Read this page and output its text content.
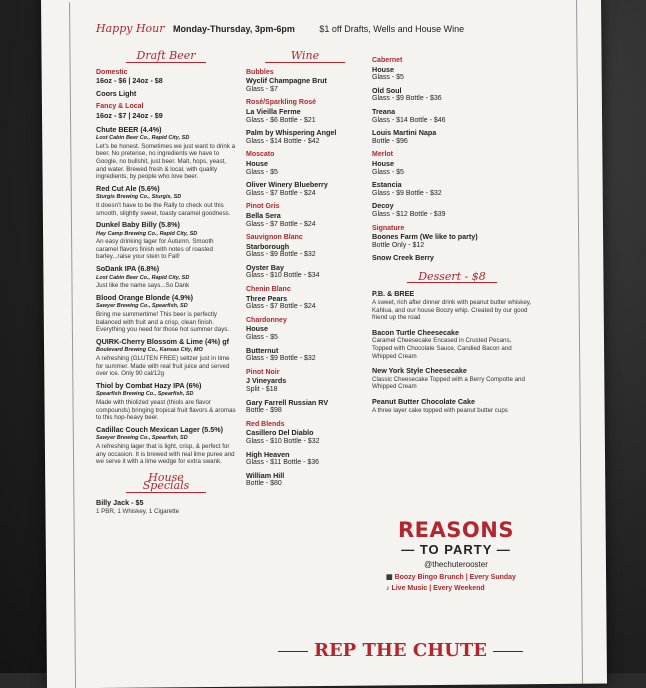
Happy Hour Monday-Thursday, 3pm-6pm	$1 off Drafts, Wells and House Wine
Draft Beer
Domestic
16oz - $6 | 24oz - $8
Coors Light
Fancy & Local
16oz - $7 | 24oz - $9
Chute BEER (4.4%)
Lost Cabin Beer Co., Rapid City, SD
Let's be honest. Sometimes we just want to drink a beer. No pretense, no ingredients we have to Google, no bullshit, just beer. Malt, hops, yeast, and water. Brewed fresh & local, with quality ingredients, by people who love beer.
Red Cut Ale (5.6%)
Sturgis Brewing Co., Sturgis, SD
It doesn't have to be the Rally to check out this smooth, slightly sweet, toasty caramel goodness.
Dunkel Baby Billy (5.8%)
Hay Camp Brewing Co., Rapid City, SD
An easy drinking lager for Autumn. Smooth caramel flavors finish with notes of roasted barley...raise your stein to Fall!
SoDank IPA (6.8%)
Lost Cabin Beer Co., Rapid City, SD
Just like the name says...So Dank
Blood Orange Blonde (4.9%)
Sawyer Brewing Co., Spearfish, SD
Bring me summertime! This beer is perfectly balanced with fruit and a crisp, clean finish. Everything you need for those hot summer days.
QUIRK-Cherry Blossom & Lime (4%) gf
Boulevard Brewing Co., Kansas City, MO
A refreshing (GLUTEN FREE) seltzer just in time for summer. Made with real fruit juice and served over ice. Only 90 cal/12g
Thiol by Combat Hazy IPA (6%)
Spearfish Brewing Co., Spearfish, SD
Made with thiolized yeast (thiols are flavor compounds) bringing tropical fruit flavors & aromas to this hop-heavy beer.
Cadillac Couch Mexican Lager (5.5%)
Sawyer Brewing Co., Spearfish, SD
A refreshing lager that is light, crisp, & perfect for any occasion. It is brewed with real lime puree and we serve it with a lime wedge for extra swank.
House Specials
Billy Jack - $5
1 PBR, 1 Whiskey, 1 Cigarette
Wine
Bubbles
Wyclif Champagne Brut
Glass - $7
Rosé/Sparkling Rosé
La Vieilla Ferme
Glass - $6 Bottle - $21
Palm by Whispering Angel
Glass - $14 Bottle - $42
Moscato
House
Glass - $5
Oliver Winery Blueberry
Glass - $7 Bottle - $24
Pinot Gris
Bella Sera
Glass - $7 Bottle - $24
Sauvignon Blanc
Starborough
Glass - $9 Bottle - $32
Oyster Bay
Glass - $10 Bottle - $34
Chenin Blanc
Three Pears
Glass - $7 Bottle - $24
Chardonney
House
Glass - $5
Butternut
Glass - $9 Bottle - $32
Pinot Noir
J Vineyards
Split - $18
Gary Farrell Russian RV
Bottle - $98
Red Blends
Casillero Del Diablo
Glass - $10 Bottle - $32
High Heaven
Glass - $11 Bottle - $36
William Hill
Bottle - $80
Cabernet
House
Glass - $5
Old Soul
Glass - $9 Bottle - $36
Treana
Glass - $14 Bottle - $46
Louis Martini Napa
Bottle - $96
Merlot
House
Glass - $5
Estancia
Glass - $9 Bottle - $32
Decoy
Glass - $12 Bottle - $39
Signature
Boones Farm (We like to party)
Bottle Only - $12
Snow Creek Berry
Dessert - $8
P.B. & BREE
A sweet, rich after dinner drink with peanut butter whiskey, Kahlua, and our house Boozy whip. Created by our good friend up the road
Bacon Turtle Cheesecake
Caramel Cheesecake Encased in Crusted Pecans, Topped with Chocolate Sauce, Candied Bacon and Whipped Cream
New York Style Cheesecake
Classic Cheesecake Topped with a Berry Compotte and Whipped Cream
Peanut Butter Chocolate Cake
A three layer cake topped with peanut butter cups
REASONS
— TO PARTY —
@thechuterooster
▦ Boozy Bingo Brunch | Every Sunday
♪ Live Music | Every Weekend
REP THE CHUTE
